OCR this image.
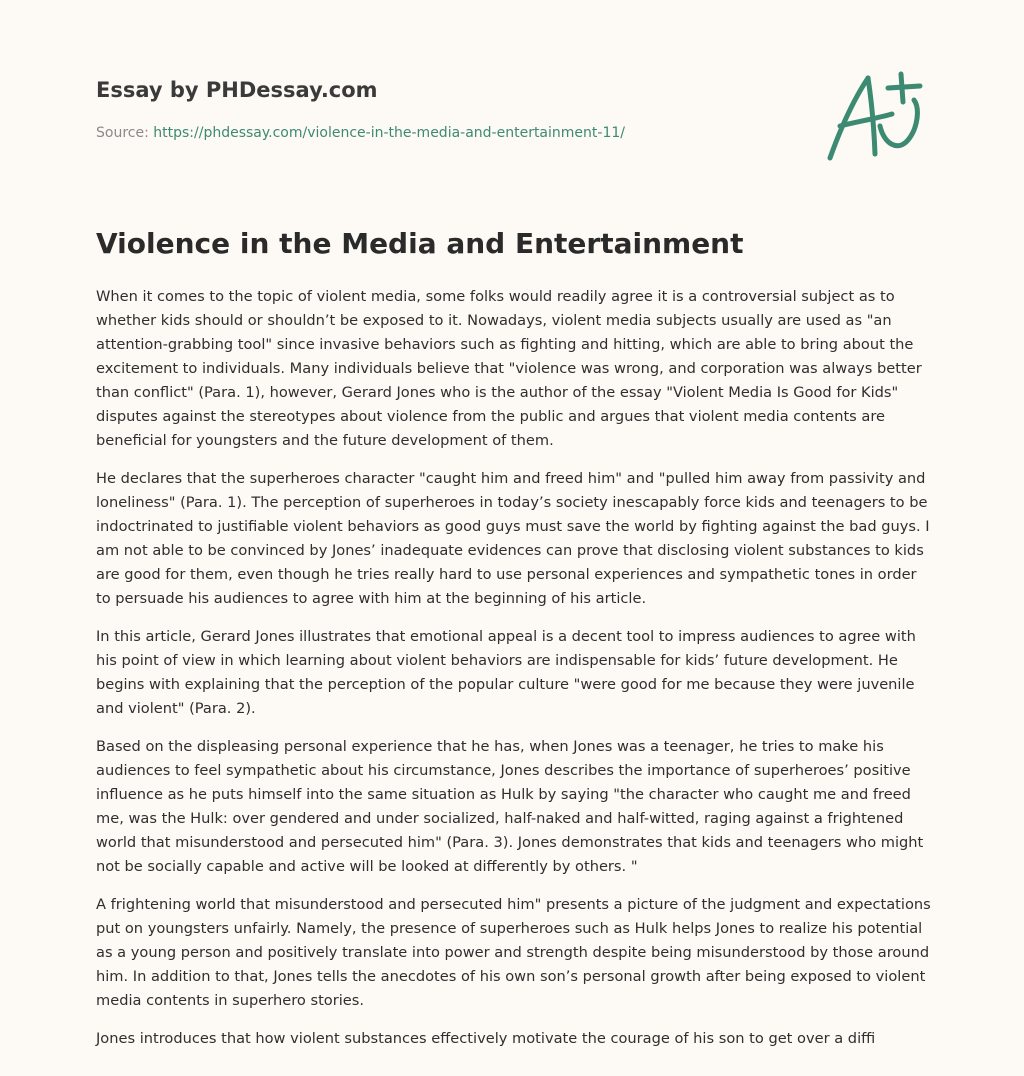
Essay by PHDessay.com
Source: https://phdessay.com/violence-in-the-media-and-entertainment-11/
Violence in the Media and Entertainment

When it comes to the topic of violent media, some folks would readily agree it is a controversial subject as to whether kids should or shouldn’t be exposed to it. Nowadays, violent media subjects usually are used as "an attention-grabbing tool" since invasive behaviors such as fighting and hitting, which are able to bring about the excitement to individuals. Many individuals believe that "violence was wrong, and corporation was always better than conflict" (Para. 1), however, Gerard Jones who is the author of the essay "Violent Media Is Good for Kids" disputes against the stereotypes about violence from the public and argues that violent media contents are beneficial for youngsters and the future development of them.

He declares that the superheroes character "caught him and freed him" and "pulled him away from passivity and loneliness" (Para. 1). The perception of superheroes in today’s society inescapably force kids and teenagers to be indoctrinated to justifiable violent behaviors as good guys must save the world by fighting against the bad guys. I am not able to be convinced by Jones’ inadequate evidences can prove that disclosing violent substances to kids are good for them, even though he tries really hard to use personal experiences and sympathetic tones in order to persuade his audiences to agree with him at the beginning of his article.

In this article, Gerard Jones illustrates that emotional appeal is a decent tool to impress audiences to agree with his point of view in which learning about violent behaviors are indispensable for kids’ future development. He begins with explaining that the perception of the popular culture "were good for me because they were juvenile and violent" (Para. 2).

Based on the displeasing personal experience that he has, when Jones was a teenager, he tries to make his audiences to feel sympathetic about his circumstance, Jones describes the importance of superheroes’ positive influence as he puts himself into the same situation as Hulk by saying "the character who caught me and freed me, was the Hulk: over gendered and under socialized, half-naked and half-witted, raging against a frightened world that misunderstood and persecuted him" (Para. 3). Jones demonstrates that kids and teenagers who might not be socially capable and active will be looked at differently by others. "

A frightening world that misunderstood and persecuted him" presents a picture of the judgment and expectations put on youngsters unfairly. Namely, the presence of superheroes such as Hulk helps Jones to realize his potential as a young person and positively translate into power and strength despite being misunderstood by those around him. In addition to that, Jones tells the anecdotes of his own son’s personal growth after being exposed to violent media contents in superhero stories.

Jones introduces that how violent substances effectively motivate the courage of his son to get over a diffi
